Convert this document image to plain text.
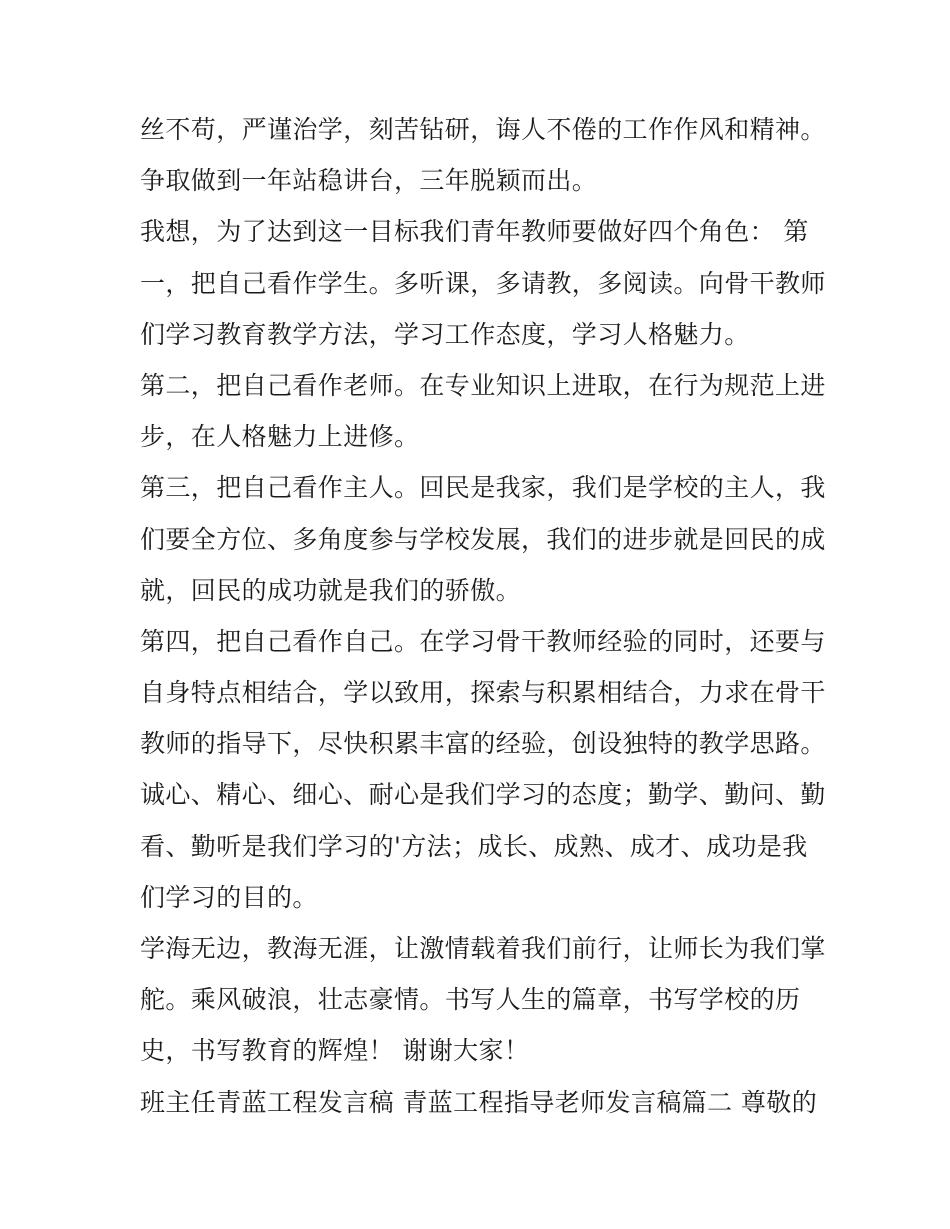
丝不苟，严谨治学，刻苦钻研，诲人不倦的工作作风和精神。
争取做到一年站稳讲台，三年脱颖而出。
我想，为了达到这一目标我们青年教师要做好四个角色： 第
一，把自己看作学生。多听课，多请教，多阅读。向骨干教师
们学习教育教学方法，学习工作态度，学习人格魅力。
第二，把自己看作老师。在专业知识上进取，在行为规范上进
步，在人格魅力上进修。
第三，把自己看作主人。回民是我家，我们是学校的主人，我
们要全方位、多角度参与学校发展，我们的进步就是回民的成
就，回民的成功就是我们的骄傲。
第四，把自己看作自己。在学习骨干教师经验的同时，还要与
自身特点相结合，学以致用，探索与积累相结合，力求在骨干
教师的指导下，尽快积累丰富的经验，创设独特的教学思路。
诚心、精心、细心、耐心是我们学习的态度；勤学、勤问、勤
看、勤听是我们学习的'方法；成长、成熟、成才、成功是我
们学习的目的。
学海无边，教海无涯，让激情载着我们前行，让师长为我们掌
舵。乘风破浪，壮志豪情。书写人生的篇章，书写学校的历
史，书写教育的辉煌！ 谢谢大家！
班主任青蓝工程发言稿 青蓝工程指导老师发言稿篇二 尊敬的
